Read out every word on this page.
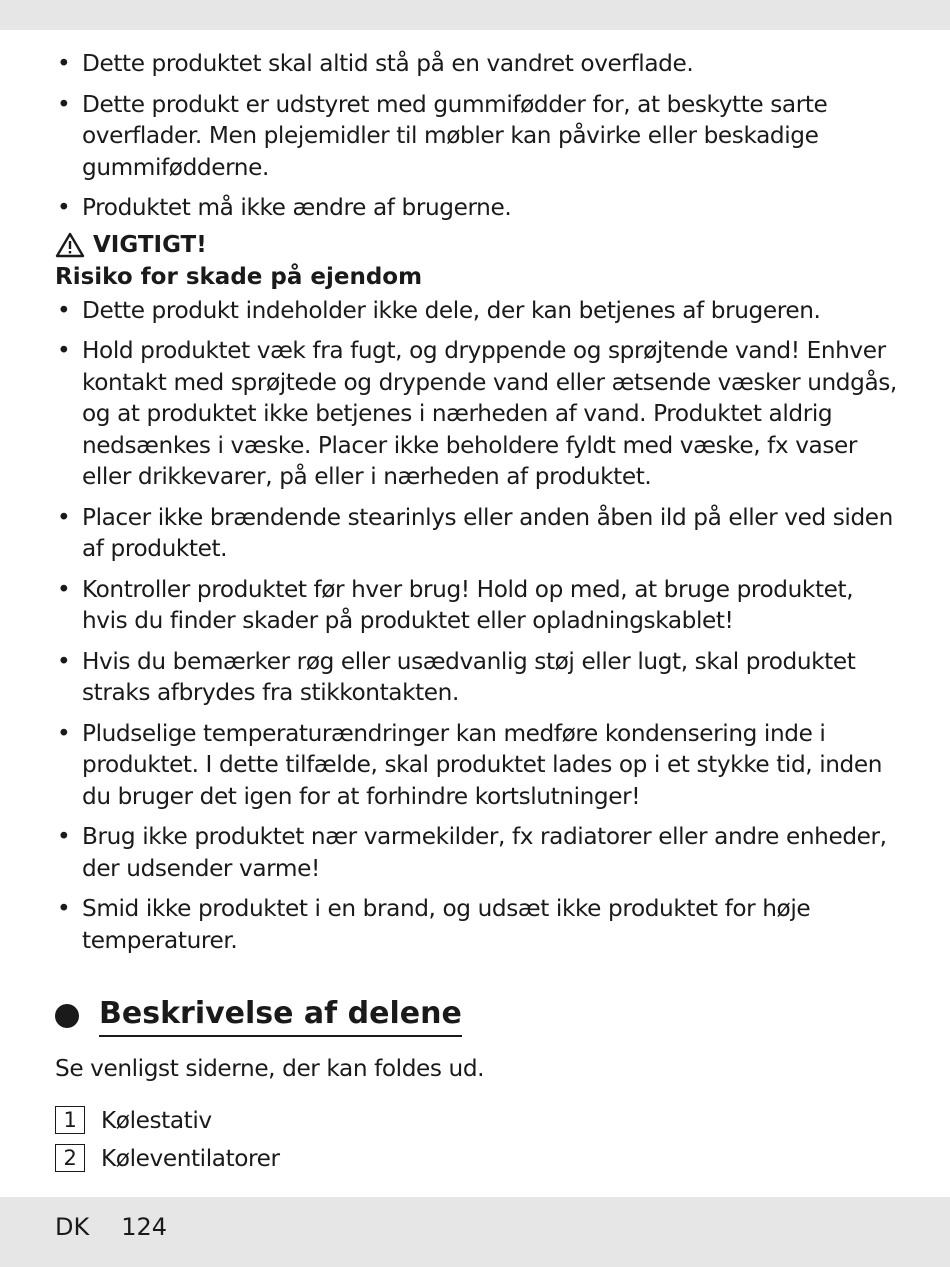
• Dette produktet skal altid stå på en vandret overflade.
• Dette produkt er udstyret med gummifødder for, at beskytte sarte overflader. Men plejemidler til møbler kan påvirke eller beskadige gummifødderne.
• Produktet må ikke ændre af brugerne.
VIGTIGT!
Risiko for skade på ejendom
• Dette produkt indeholder ikke dele, der kan betjenes af brugeren.
• Hold produktet væk fra fugt, og dryppende og sprøjtende vand! Enhver kontakt med sprøjtede og drypende vand eller ætsende væsker undgås, og at produktet ikke betjenes i nærheden af vand. Produktet aldrig nedsænkes i væske. Placer ikke beholdere fyldt med væske, fx vaser eller drikkevarer, på eller i nærheden af produktet.
• Placer ikke brændende stearinlys eller anden åben ild på eller ved siden af produktet.
• Kontroller produktet før hver brug! Hold op med, at bruge produktet, hvis du finder skader på produktet eller opladningskablet!
• Hvis du bemærker røg eller usædvanlig støj eller lugt, skal produktet straks afbrydes fra stikkontakten.
• Pludselige temperaturændringer kan medføre kondensering inde i produktet. I dette tilfælde, skal produktet lades op i et stykke tid, inden du bruger det igen for at forhindre kortslutninger!
• Brug ikke produktet nær varmekilder, fx radiatorer eller andre enheder, der udsender varme!
• Smid ikke produktet i en brand, og udsæt ikke produktet for høje temperaturer.
Beskrivelse af delene
Se venligst siderne, der kan foldes ud.
1	Kølestativ
2	Køleventilatorer
DK 124
